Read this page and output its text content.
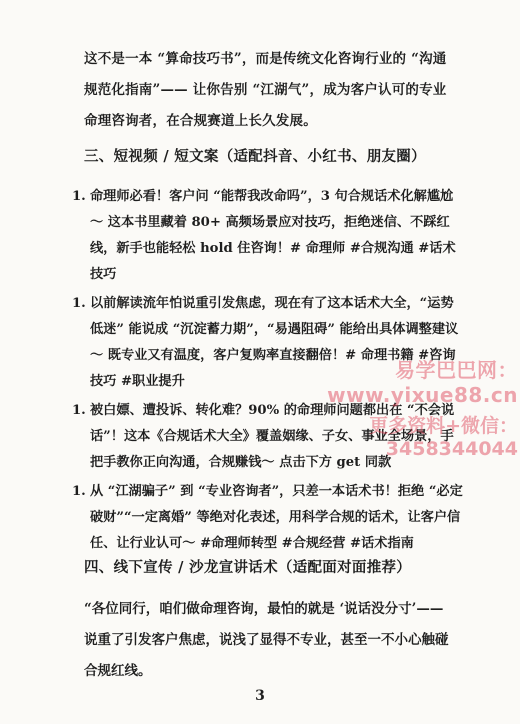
这不是一本 “算命技巧书”，而是传统文化咨询行业的 “沟通规范化指南”—— 让你告别 “江湖气”，成为客户认可的专业命理咨询者，在合规赛道上长久发展。
三、短视频 / 短文案（适配抖音、小红书、朋友圈）
1. 命理师必看！客户问 “能帮我改命吗”，3 句合规话术化解尴尬～ 这本书里藏着 80+ 高频场景应对技巧，拒绝迷信、不踩红线，新手也能轻松 hold 住咨询！# 命理师 #合规沟通 #话术技巧
1. 以前解读流年怕说重引发焦虑，现在有了这本话术大全，“运势低迷” 能说成 “沉淀蓄力期”，“易遇阻碍” 能给出具体调整建议～ 既专业又有温度，客户复购率直接翻倍！# 命理书籍 #咨询技巧 #职业提升
1. 被白嫖、遭投诉、转化难？90% 的命理师问题都出在 “不会说话”！这本《合规话术大全》覆盖姻缘、子女、事业全场景，手把手教你正向沟通，合规赚钱～ 点击下方 get 同款
1. 从 “江湖骗子” 到 “专业咨询者”，只差一本话术书！拒绝 “必定破财”“一定离婚” 等绝对化表述，用科学合规的话术，让客户信任、让行业认可～ #命理师转型 #合规经营 #话术指南
四、线下宣传 / 沙龙宣讲话术（适配面对面推荐）
“各位同行，咱们做命理咨询，最怕的就是 ‘说话没分寸’—— 说重了引发客户焦虑，说浅了显得不专业，甚至一不小心触碰合规红线。
3
易学巴巴网：www.yixue88.cn
更多资料+微信：3458344044
